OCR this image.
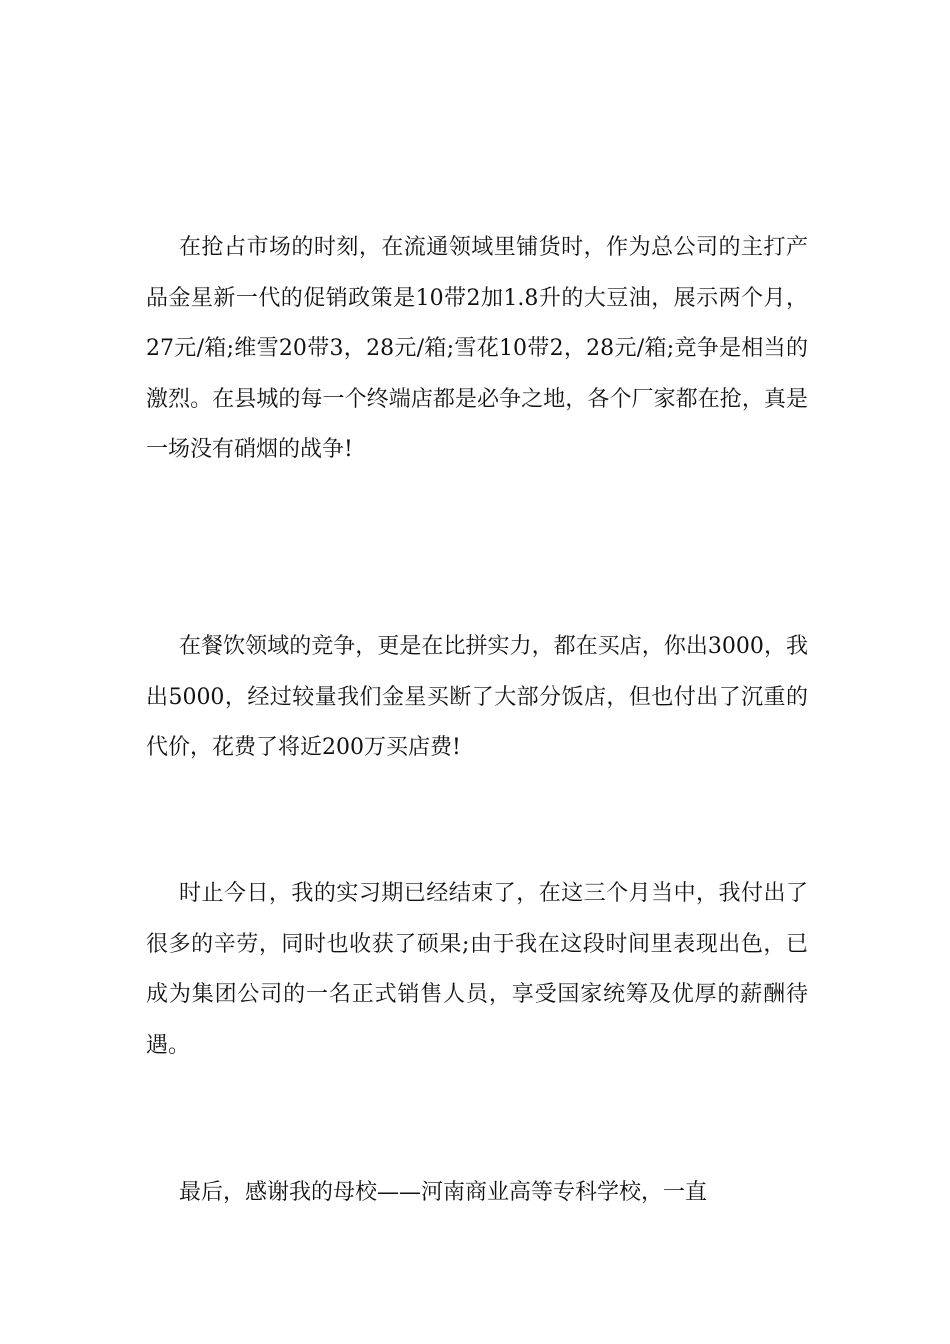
在抢占市场的时刻，在流通领域里铺货时，作为总公司的主打产品金星新一代的促销政策是10带2加1.8升的大豆油，展示两个月，27元/箱;维雪20带3，28元/箱;雪花10带2，28元/箱;竞争是相当的激烈。在县城的每一个终端店都是必争之地，各个厂家都在抢，真是一场没有硝烟的战争!

在餐饮领域的竞争，更是在比拼实力，都在买店，你出3000，我出5000，经过较量我们金星买断了大部分饭店，但也付出了沉重的代价，花费了将近200万买店费!

时止今日，我的实习期已经结束了，在这三个月当中，我付出了很多的辛劳，同时也收获了硕果;由于我在这段时间里表现出色，已成为集团公司的一名正式销售人员，享受国家统筹及优厚的薪酬待遇。

最后，感谢我的母校——河南商业高等专科学校，一直
